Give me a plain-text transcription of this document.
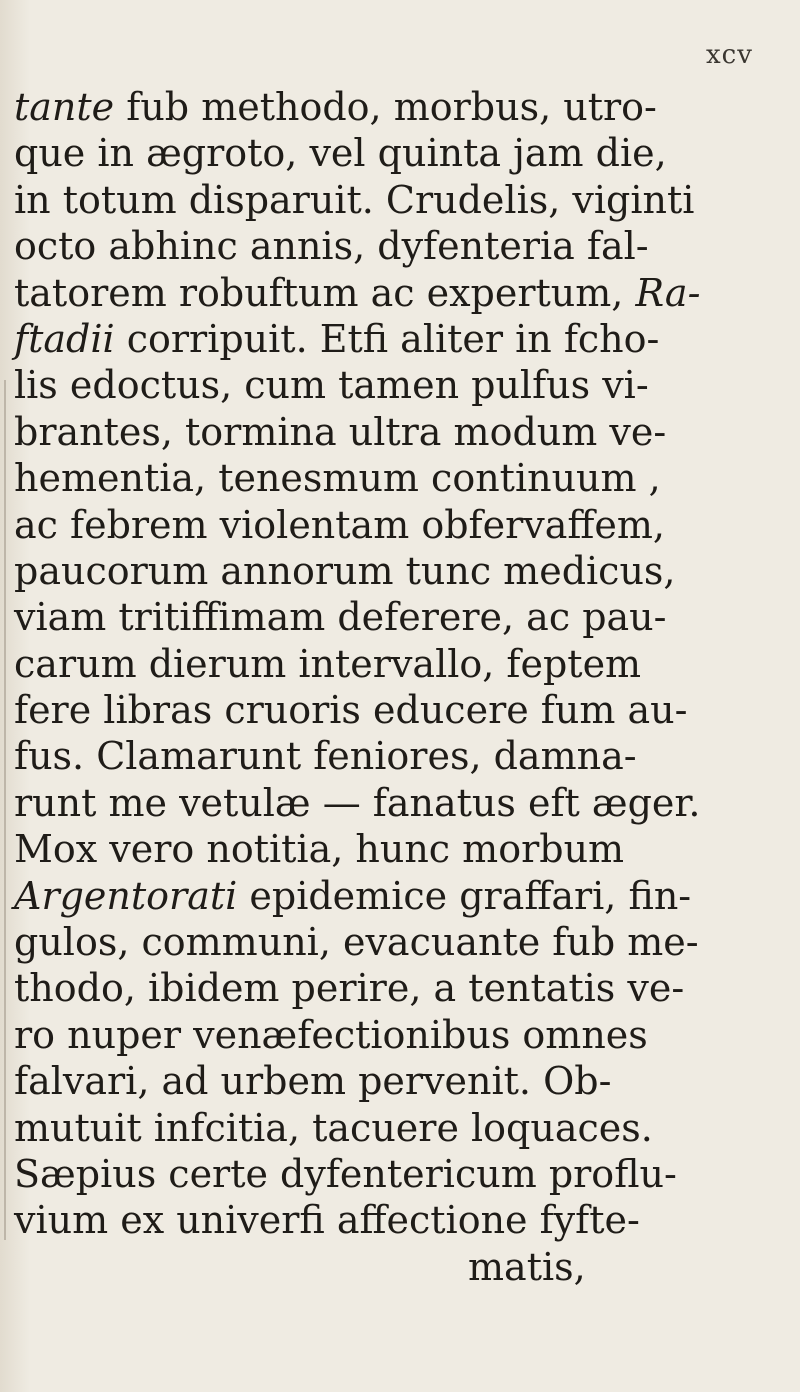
xcv
tante fub methodo, morbus, utro-
que in ægroto, vel quinta jam die,
in totum disparuit. Crudelis, viginti
octo abhinc annis, dyfenteria fal-
tatorem robuftum ac expertum, Ra-
ftadii corripuit. Etfi aliter in fcho-
lis edoctus, cum tamen pulfus vi-
brantes, tormina ultra modum ve-
hementia, tenesmum continuum ,
ac febrem violentam obfervaffem,
paucorum annorum tunc medicus,
viam tritiffimam deferere, ac pau-
carum dierum intervallo, feptem
fere libras cruoris educere fum au-
fus. Clamarunt feniores, damna-
runt me vetulæ — fanatus eft æger.
Mox vero notitia, hunc morbum
Argentorati epidemice graffari, fin-
gulos, communi, evacuante fub me-
thodo, ibidem perire, a tentatis ve-
ro nuper venæfectionibus omnes
falvari, ad urbem pervenit. Ob-
mutuit infcitia, tacuere loquaces.
Sæpius certe dyfentericum proflu-
vium ex univerfi affectione fyfte-
matis,
